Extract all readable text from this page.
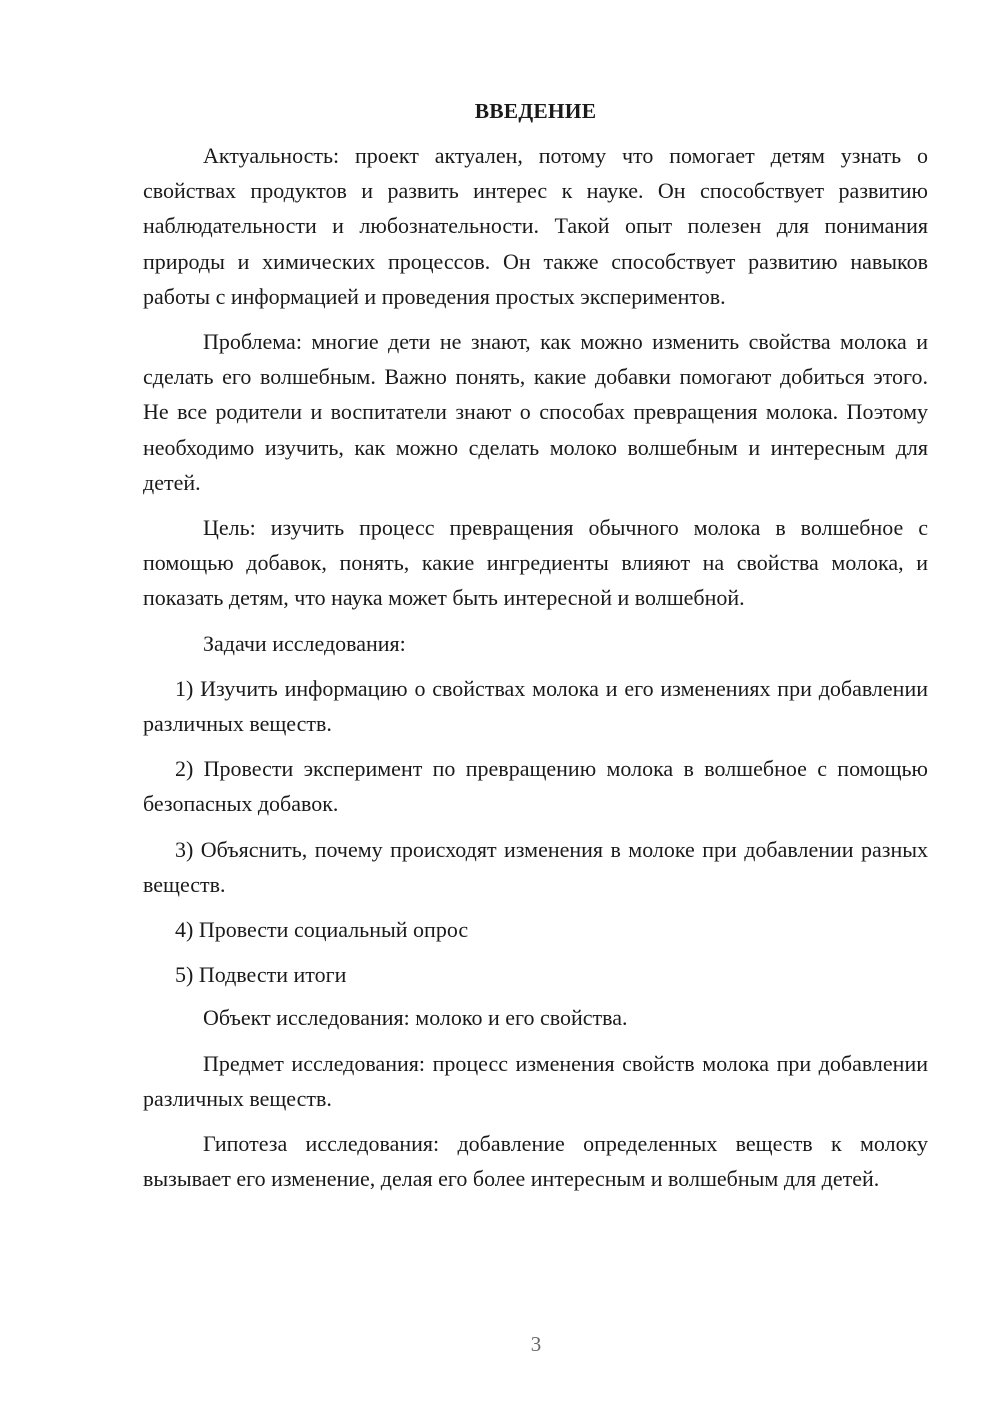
ВВЕДЕНИЕ

Актуальность: проект актуален, потому что помогает детям узнать о свойствах продуктов и развить интерес к науке. Он способствует развитию наблюдательности и любознательности. Такой опыт полезен для понимания природы и химических процессов. Он также способствует развитию навыков работы с информацией и проведения простых экспериментов.

Проблема: многие дети не знают, как можно изменить свойства молока и сделать его волшебным. Важно понять, какие добавки помогают добиться этого. Не все родители и воспитатели знают о способах превращения молока. Поэтому необходимо изучить, как можно сделать молоко волшебным и интересным для детей.

Цель: изучить процесс превращения обычного молока в волшебное с помощью добавок, понять, какие ингредиенты влияют на свойства молока, и показать детям, что наука может быть интересной и волшебной.

Задачи исследования:

1) Изучить информацию о свойствах молока и его изменениях при добавлении различных веществ.

2) Провести эксперимент по превращению молока в волшебное с помощью безопасных добавок.

3) Объяснить, почему происходят изменения в молоке при добавлении разных веществ.

4) Провести социальный опрос

5) Подвести итоги

Объект исследования: молоко и его свойства.

Предмет исследования: процесс изменения свойств молока при добавлении различных веществ.

Гипотеза исследования: добавление определенных веществ к молоку вызывает его изменение, делая его более интересным и волшебным для детей.

3
